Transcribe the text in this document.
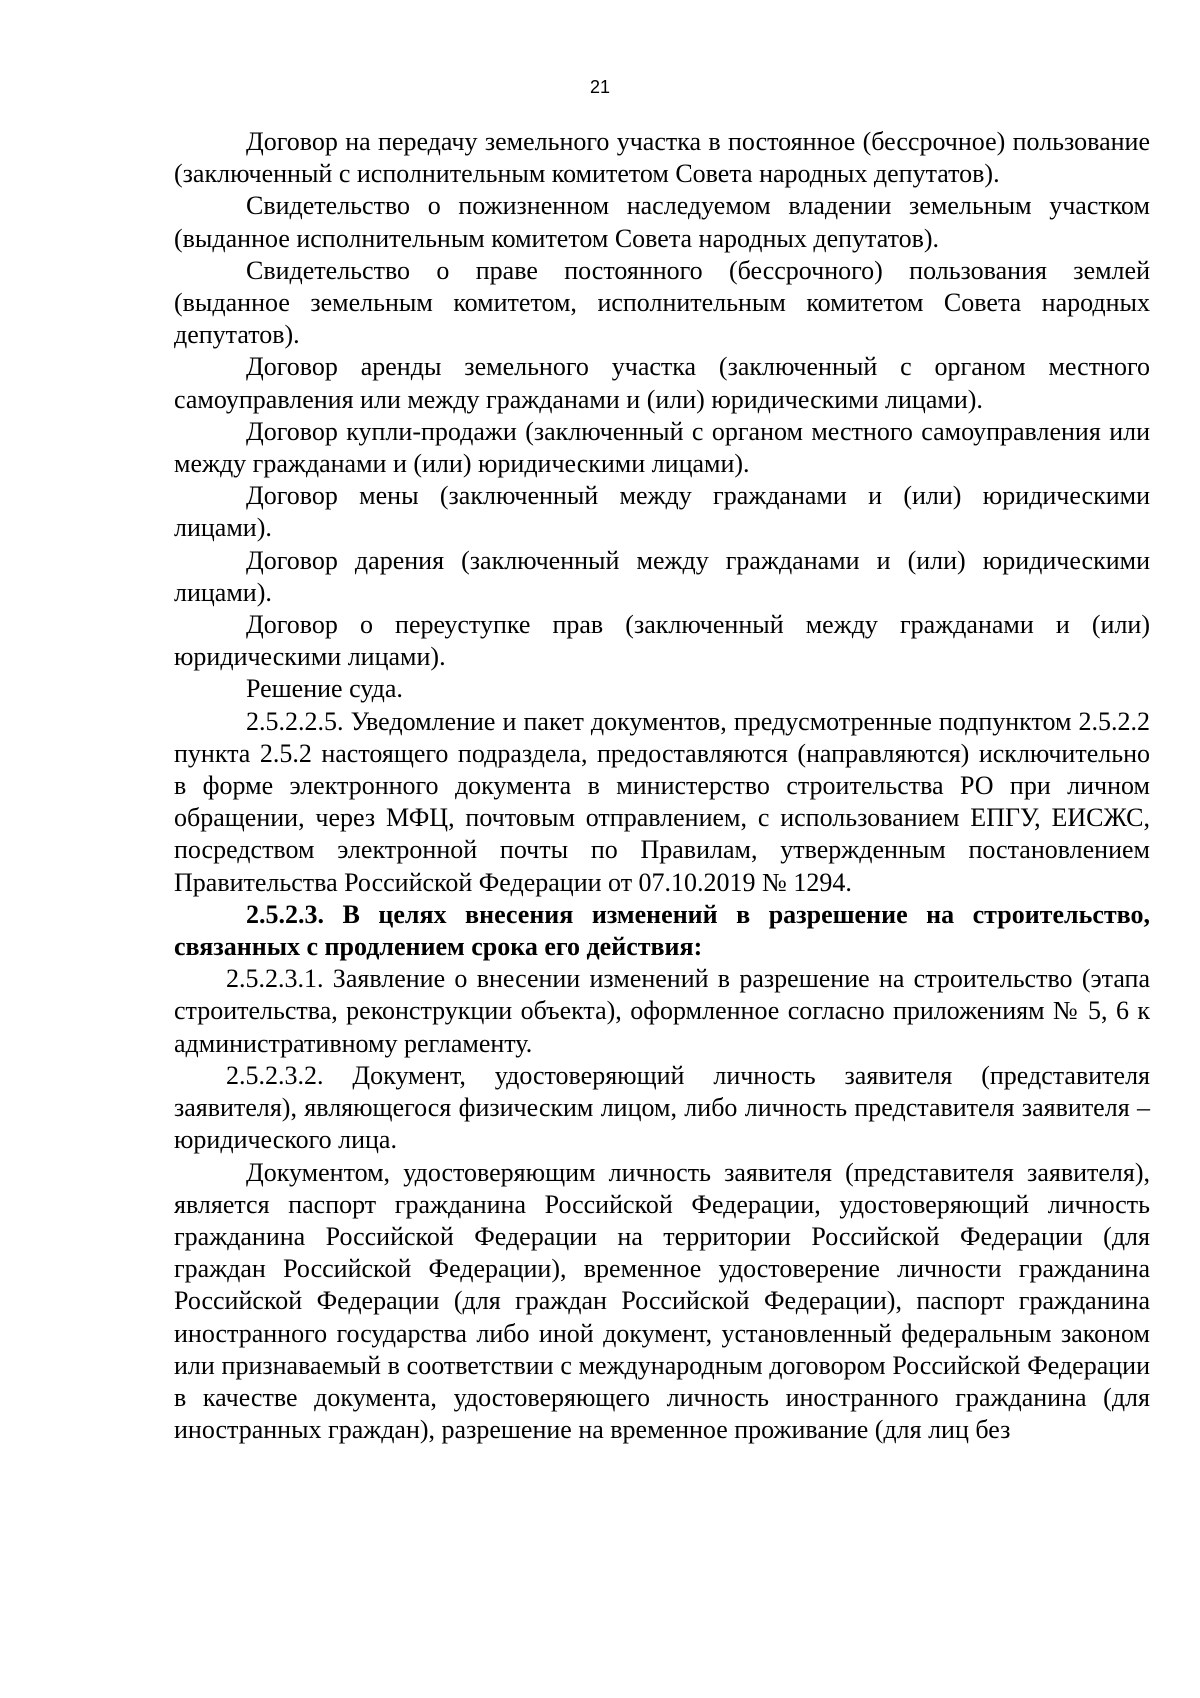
21

Договор на передачу земельного участка в постоянное (бессрочное) пользование (заключенный с исполнительным комитетом Совета народных депутатов).

Свидетельство о пожизненном наследуемом владении земельным участком (выданное исполнительным комитетом Совета народных депутатов).

Свидетельство о праве постоянного (бессрочного) пользования землей (выданное земельным комитетом, исполнительным комитетом Совета народных депутатов).

Договор аренды земельного участка (заключенный с органом местного самоуправления или между гражданами и (или) юридическими лицами).

Договор купли-продажи (заключенный с органом местного самоуправления или между гражданами и (или) юридическими лицами).

Договор мены (заключенный между гражданами и (или) юридическими лицами).

Договор дарения (заключенный между гражданами и (или) юридическими лицами).

Договор о переуступке прав (заключенный между гражданами и (или) юридическими лицами).

Решение суда.

2.5.2.2.5. Уведомление и пакет документов, предусмотренные подпунктом 2.5.2.2 пункта 2.5.2 настоящего подраздела, предоставляются (направляются) исключительно в форме электронного документа в министерство строительства РО при личном обращении, через МФЦ, почтовым отправлением, с использованием ЕПГУ, ЕИСЖС, посредством электронной почты по Правилам, утвержденным постановлением Правительства Российской Федерации от 07.10.2019 № 1294.

2.5.2.3. В целях внесения изменений в разрешение на строительство, связанных с продлением срока его действия:

2.5.2.3.1. Заявление о внесении изменений в разрешение на строительство (этапа строительства, реконструкции объекта), оформленное согласно приложениям № 5, 6 к административному регламенту.

2.5.2.3.2. Документ, удостоверяющий личность заявителя (представителя заявителя), являющегося физическим лицом, либо личность представителя заявителя – юридического лица.

Документом, удостоверяющим личность заявителя (представителя заявителя), является паспорт гражданина Российской Федерации, удостоверяющий личность гражданина Российской Федерации на территории Российской Федерации (для граждан Российской Федерации), временное удостоверение личности гражданина Российской Федерации (для граждан Российской Федерации), паспорт гражданина иностранного государства либо иной документ, установленный федеральным законом или признаваемый в соответствии с международным договором Российской Федерации в качестве документа, удостоверяющего личность иностранного гражданина (для иностранных граждан), разрешение на временное проживание (для лиц без
